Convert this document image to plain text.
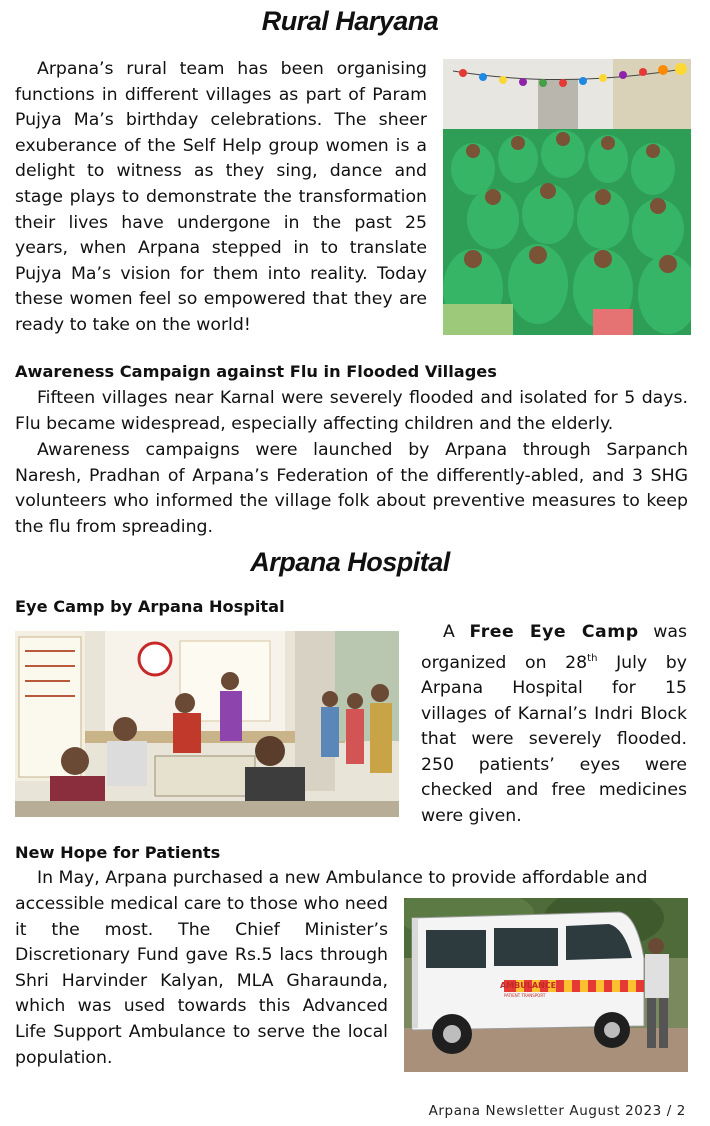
Rural Haryana
Arpana’s rural team has been organising functions in different villages as part of Param Pujya Ma’s birthday celebrations. The sheer exuberance of the Self Help group women is a delight to witness as they sing, dance and stage plays to demonstrate the transformation their lives have undergone in the past 25 years, when Arpana stepped in to translate Pujya Ma’s vision for them into reality. Today these women feel so empowered that they are ready to take on the world!
Awareness Campaign against Flu in Flooded Villages
Fifteen villages near Karnal were severely flooded and isolated for 5 days. Flu became widespread, especially affecting children and the elderly.
Awareness campaigns were launched by Arpana through Sarpanch Naresh, Pradhan of Arpana’s Federation of the differently-abled, and 3 SHG volunteers who informed the village folk about preventive measures to keep the flu from spreading.
Arpana Hospital
Eye Camp by Arpana Hospital
A Free Eye Camp was organized on 28th July by Arpana Hospital for 15 villages of Karnal’s Indri Block that were severely flooded. 250 patients’ eyes were checked and free medicines were given.
New Hope for Patients
In May, Arpana purchased a new Ambulance to provide affordable and
accessible medical care to those who need it the most. The Chief Minister’s Discretionary Fund gave Rs.5 lacs through Shri Harvinder Kalyan, MLA Gharaunda, which was used towards this Advanced Life Support Ambulance to serve the local population.
AMBULANCE
PATIENT TRANSPORT
Arpana Newsletter August 2023 / 2
